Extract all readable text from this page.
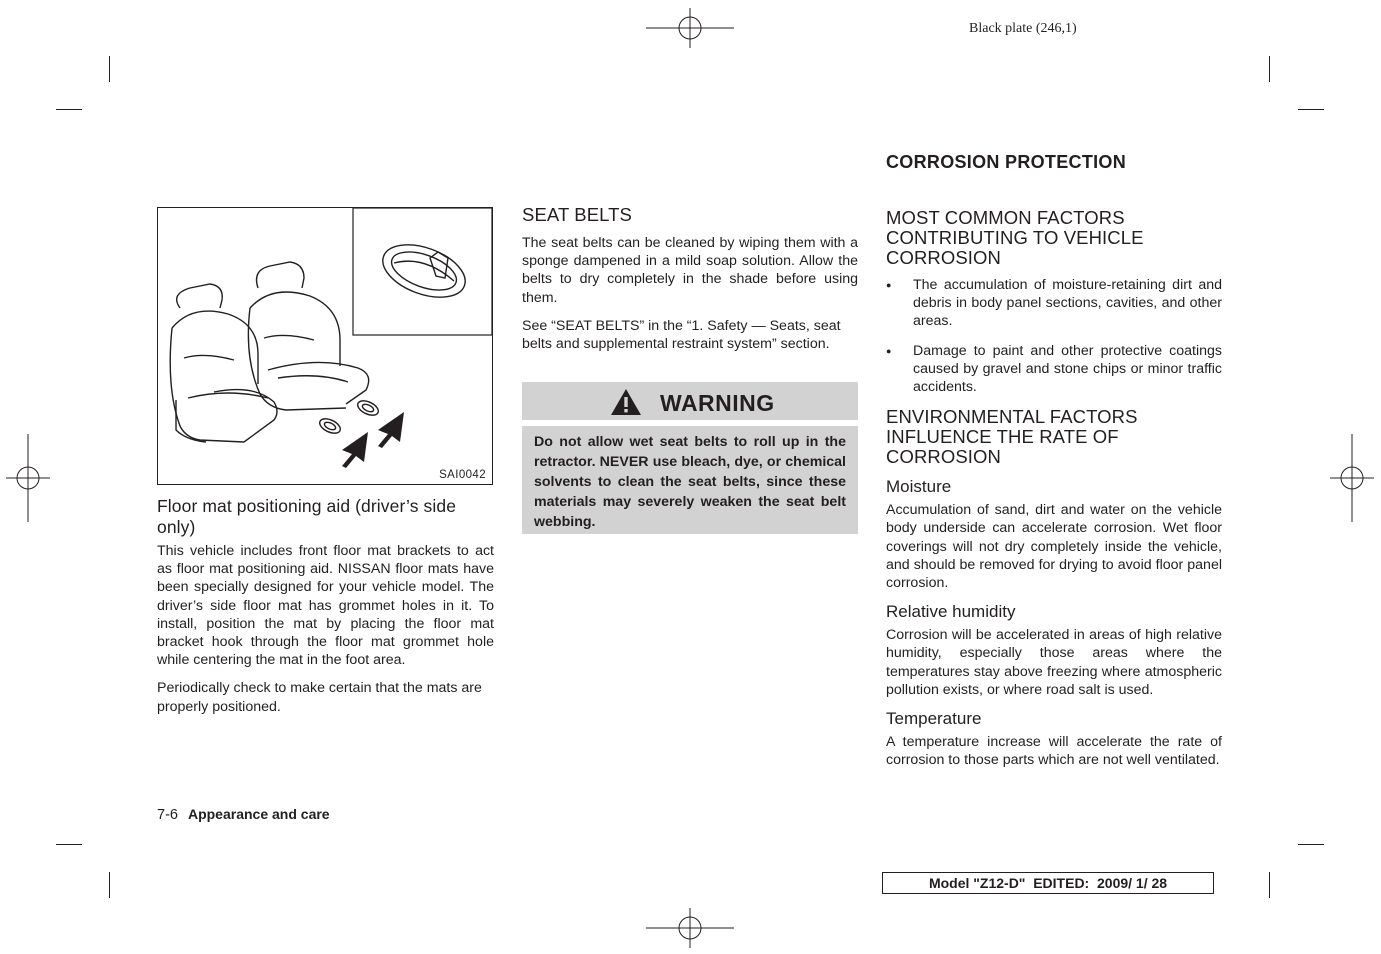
Black plate (246,1)
SAI0042
Floor mat positioning aid (driver’s side only)

This vehicle includes front floor mat brackets to act as floor mat positioning aid. NISSAN floor mats have been specially designed for your vehicle model. The driver’s side floor mat has grommet holes in it. To install, position the mat by placing the floor mat bracket hook through the floor mat grommet hole while centering the mat in the foot area.

Periodically check to make certain that the mats are properly positioned.

SEAT BELTS

The seat belts can be cleaned by wiping them with a sponge dampened in a mild soap solution. Allow the belts to dry completely in the shade before using them.

See “SEAT BELTS” in the “1. Safety — Seats, seat belts and supplemental restraint system” section.

WARNING
Do not allow wet seat belts to roll up in the retractor. NEVER use bleach, dye, or chemical solvents to clean the seat belts, since these materials may severely weaken the seat belt webbing.
CORROSION PROTECTION
MOST COMMON FACTORS CONTRIBUTING TO VEHICLE CORROSION
● The accumulation of moisture-retaining dirt and debris in body panel sections, cavities, and other areas.
● Damage to paint and other protective coatings caused by gravel and stone chips or minor traffic accidents.
ENVIRONMENTAL FACTORS INFLUENCE THE RATE OF CORROSION
Moisture

Accumulation of sand, dirt and water on the vehicle body underside can accelerate corrosion. Wet floor coverings will not dry completely inside the vehicle, and should be removed for drying to avoid floor panel corrosion.

Relative humidity

Corrosion will be accelerated in areas of high relative humidity, especially those areas where the temperatures stay above freezing where atmospheric pollution exists, or where road salt is used.

Temperature

A temperature increase will accelerate the rate of corrosion to those parts which are not well ventilated.

7-6 Appearance and care
Model "Z12-D"  EDITED:  2009/ 1/ 28
